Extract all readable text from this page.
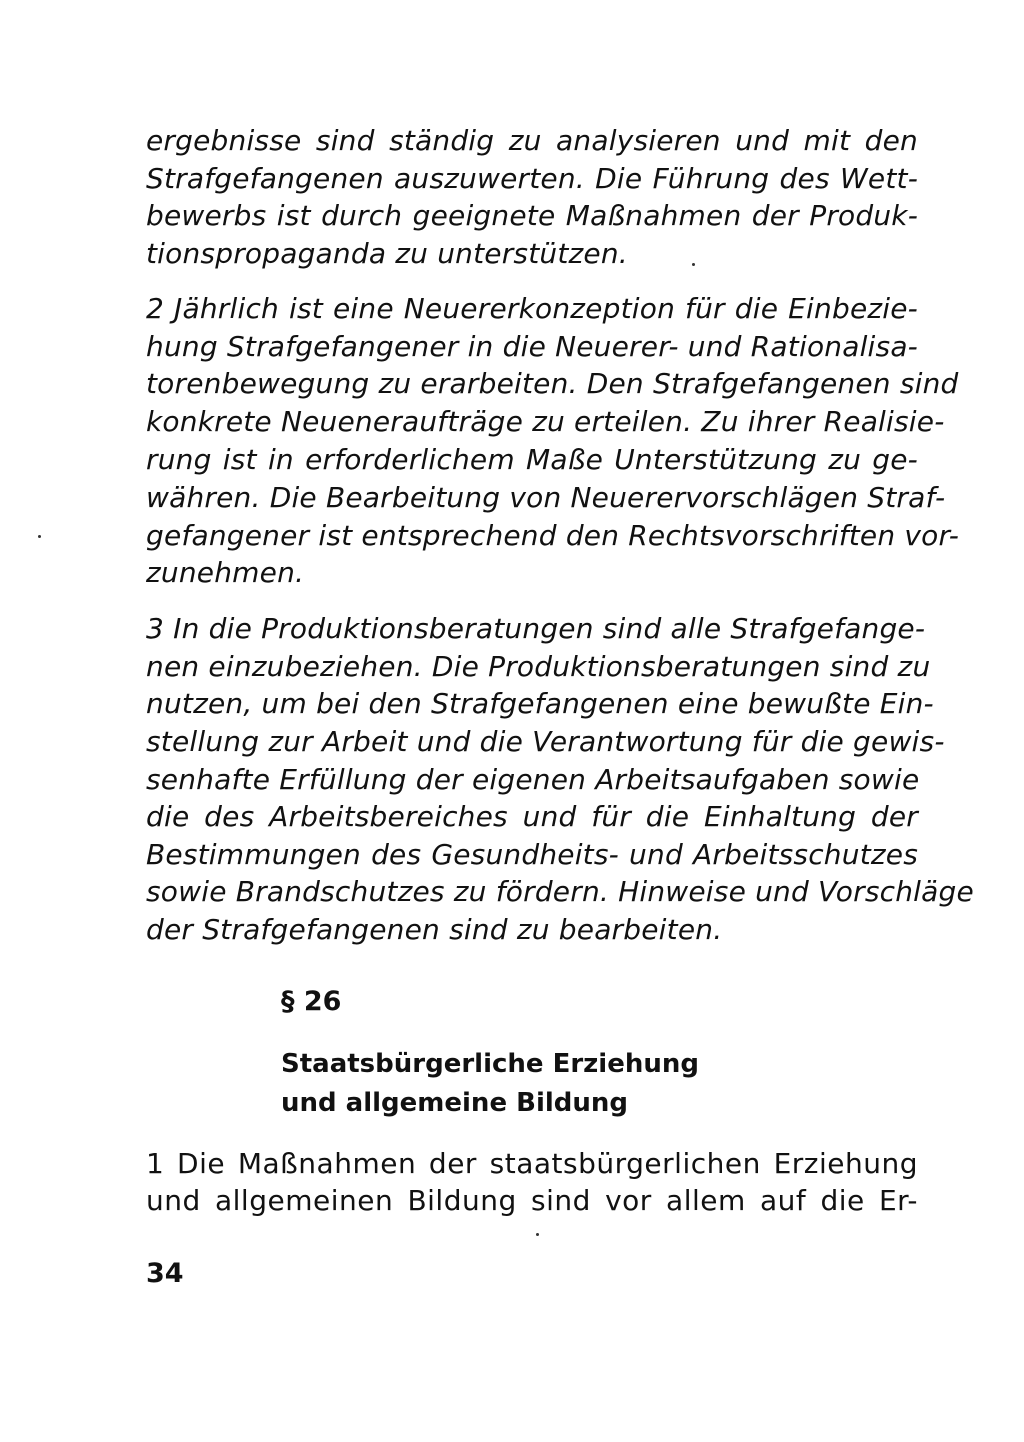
ergebnisse sind ständig zu analysieren und mit den
Strafgefangenen auszuwerten. Die Führung des Wett-
bewerbs ist durch geeignete Maßnahmen der Produk-
tionspropaganda zu unterstützen.
2 Jährlich ist eine Neuererkonzeption für die Einbezie-
hung Strafgefangener in die Neuerer- und Rationalisa-
torenbewegung zu erarbeiten. Den Strafgefangenen sind
konkrete Neueneraufträge zu erteilen. Zu ihrer Realisie-
rung ist in erforderlichem Maße Unterstützung zu ge-
währen. Die Bearbeitung von Neuerervorschlägen Straf-
gefangener ist entsprechend den Rechtsvorschriften vor-
zunehmen.
3 In die Produktionsberatungen sind alle Strafgefange-
nen einzubeziehen. Die Produktionsberatungen sind zu
nutzen, um bei den Strafgefangenen eine bewußte Ein-
stellung zur Arbeit und die Verantwortung für die gewis-
senhafte Erfüllung der eigenen Arbeitsaufgaben sowie
die des Arbeitsbereiches und für die Einhaltung der
Bestimmungen des Gesundheits- und Arbeitsschutzes
sowie Brandschutzes zu fördern. Hinweise und Vorschläge
der Strafgefangenen sind zu bearbeiten.
§ 26
Staatsbürgerliche Erziehung
und allgemeine Bildung
1 Die Maßnahmen der staatsbürgerlichen Erziehung
und allgemeinen Bildung sind vor allem auf die Er-
34
